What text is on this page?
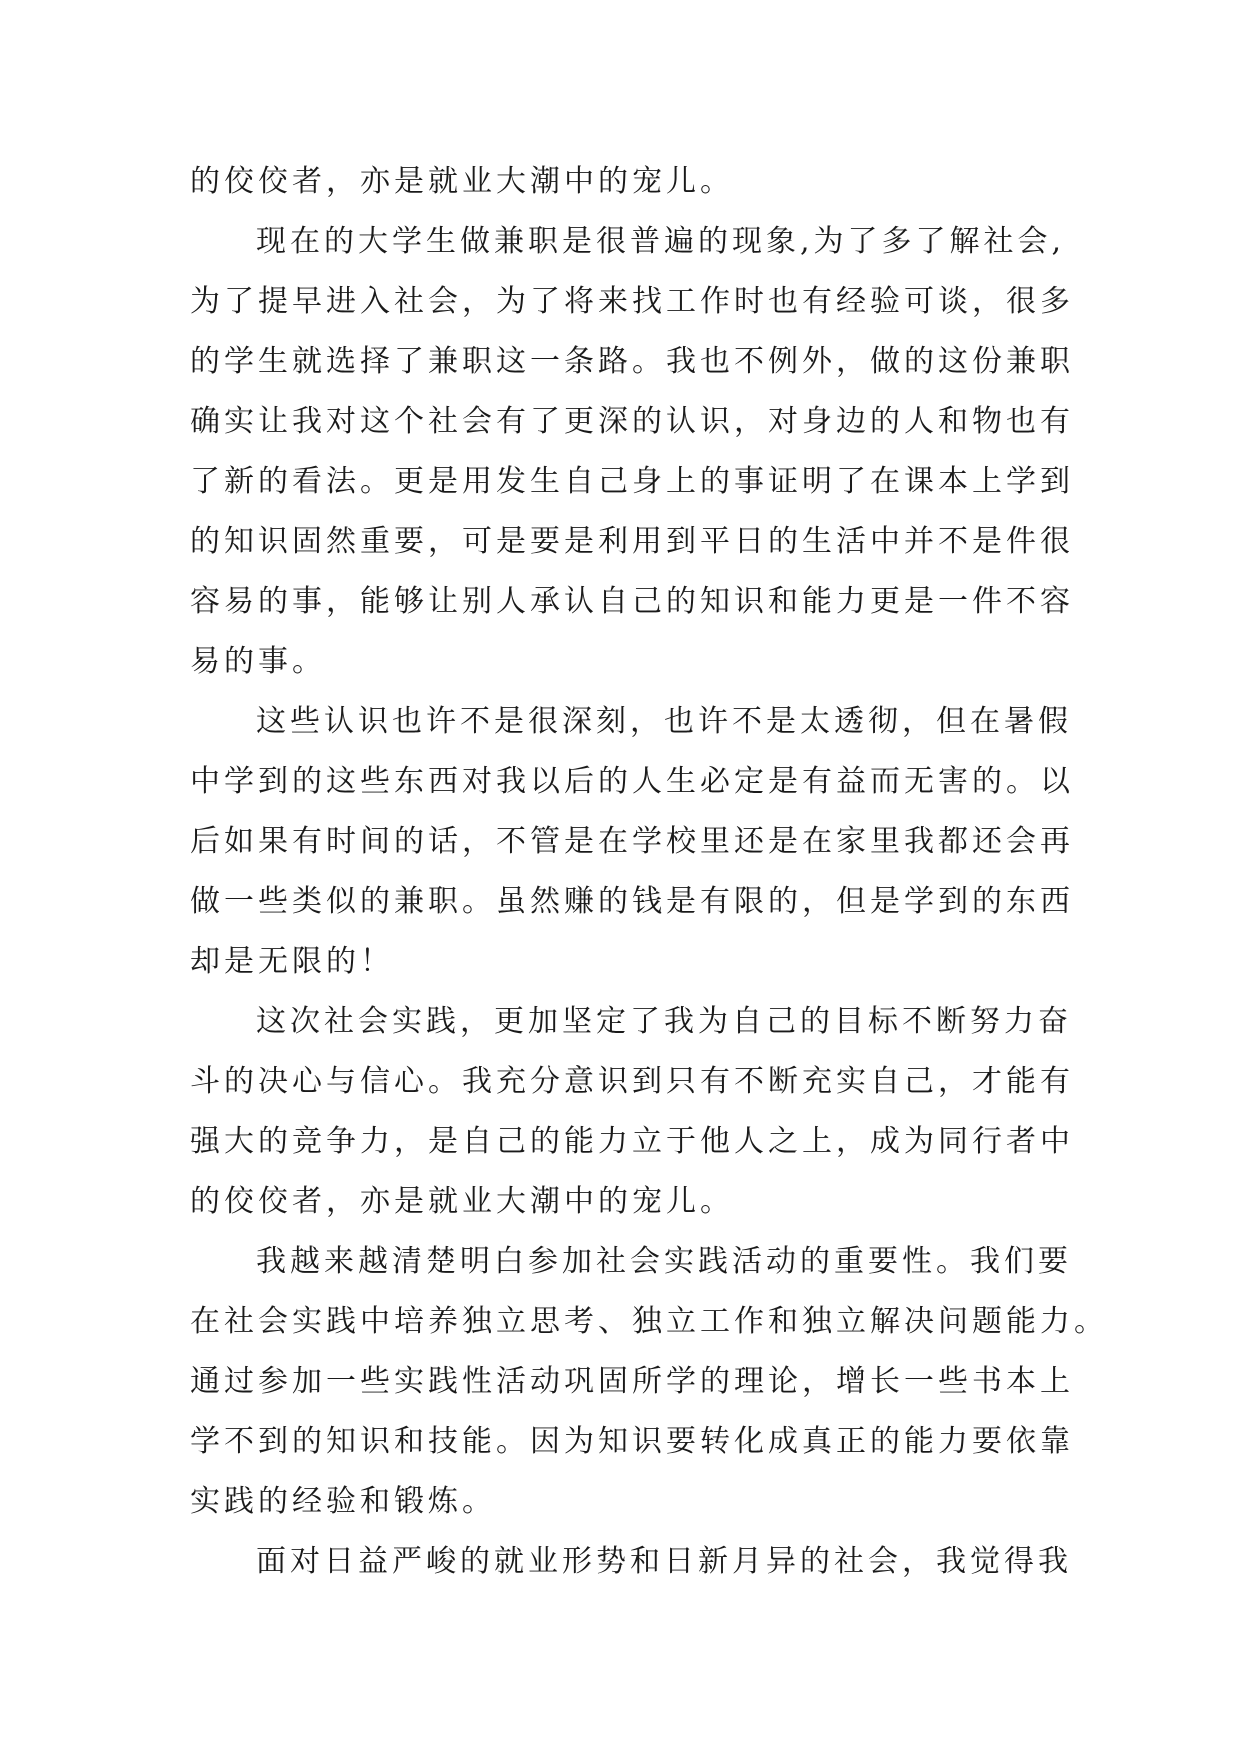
的佼佼者，亦是就业大潮中的宠儿。
现在的大学生做兼职是很普遍的现象,为了多了解社会,
为了提早进入社会，为了将来找工作时也有经验可谈，很多
的学生就选择了兼职这一条路。我也不例外，做的这份兼职
确实让我对这个社会有了更深的认识，对身边的人和物也有
了新的看法。更是用发生自己身上的事证明了在课本上学到
的知识固然重要，可是要是利用到平日的生活中并不是件很
容易的事，能够让别人承认自己的知识和能力更是一件不容
易的事。
这些认识也许不是很深刻，也许不是太透彻，但在暑假
中学到的这些东西对我以后的人生必定是有益而无害的。以
后如果有时间的话，不管是在学校里还是在家里我都还会再
做一些类似的兼职。虽然赚的钱是有限的，但是学到的东西
却是无限的！
这次社会实践，更加坚定了我为自己的目标不断努力奋
斗的决心与信心。我充分意识到只有不断充实自己，才能有
强大的竞争力，是自己的能力立于他人之上，成为同行者中
的佼佼者，亦是就业大潮中的宠儿。
我越来越清楚明白参加社会实践活动的重要性。我们要
在社会实践中培养独立思考、独立工作和独立解决问题能力。
通过参加一些实践性活动巩固所学的理论，增长一些书本上
学不到的知识和技能。因为知识要转化成真正的能力要依靠
实践的经验和锻炼。
面对日益严峻的就业形势和日新月异的社会，我觉得我
